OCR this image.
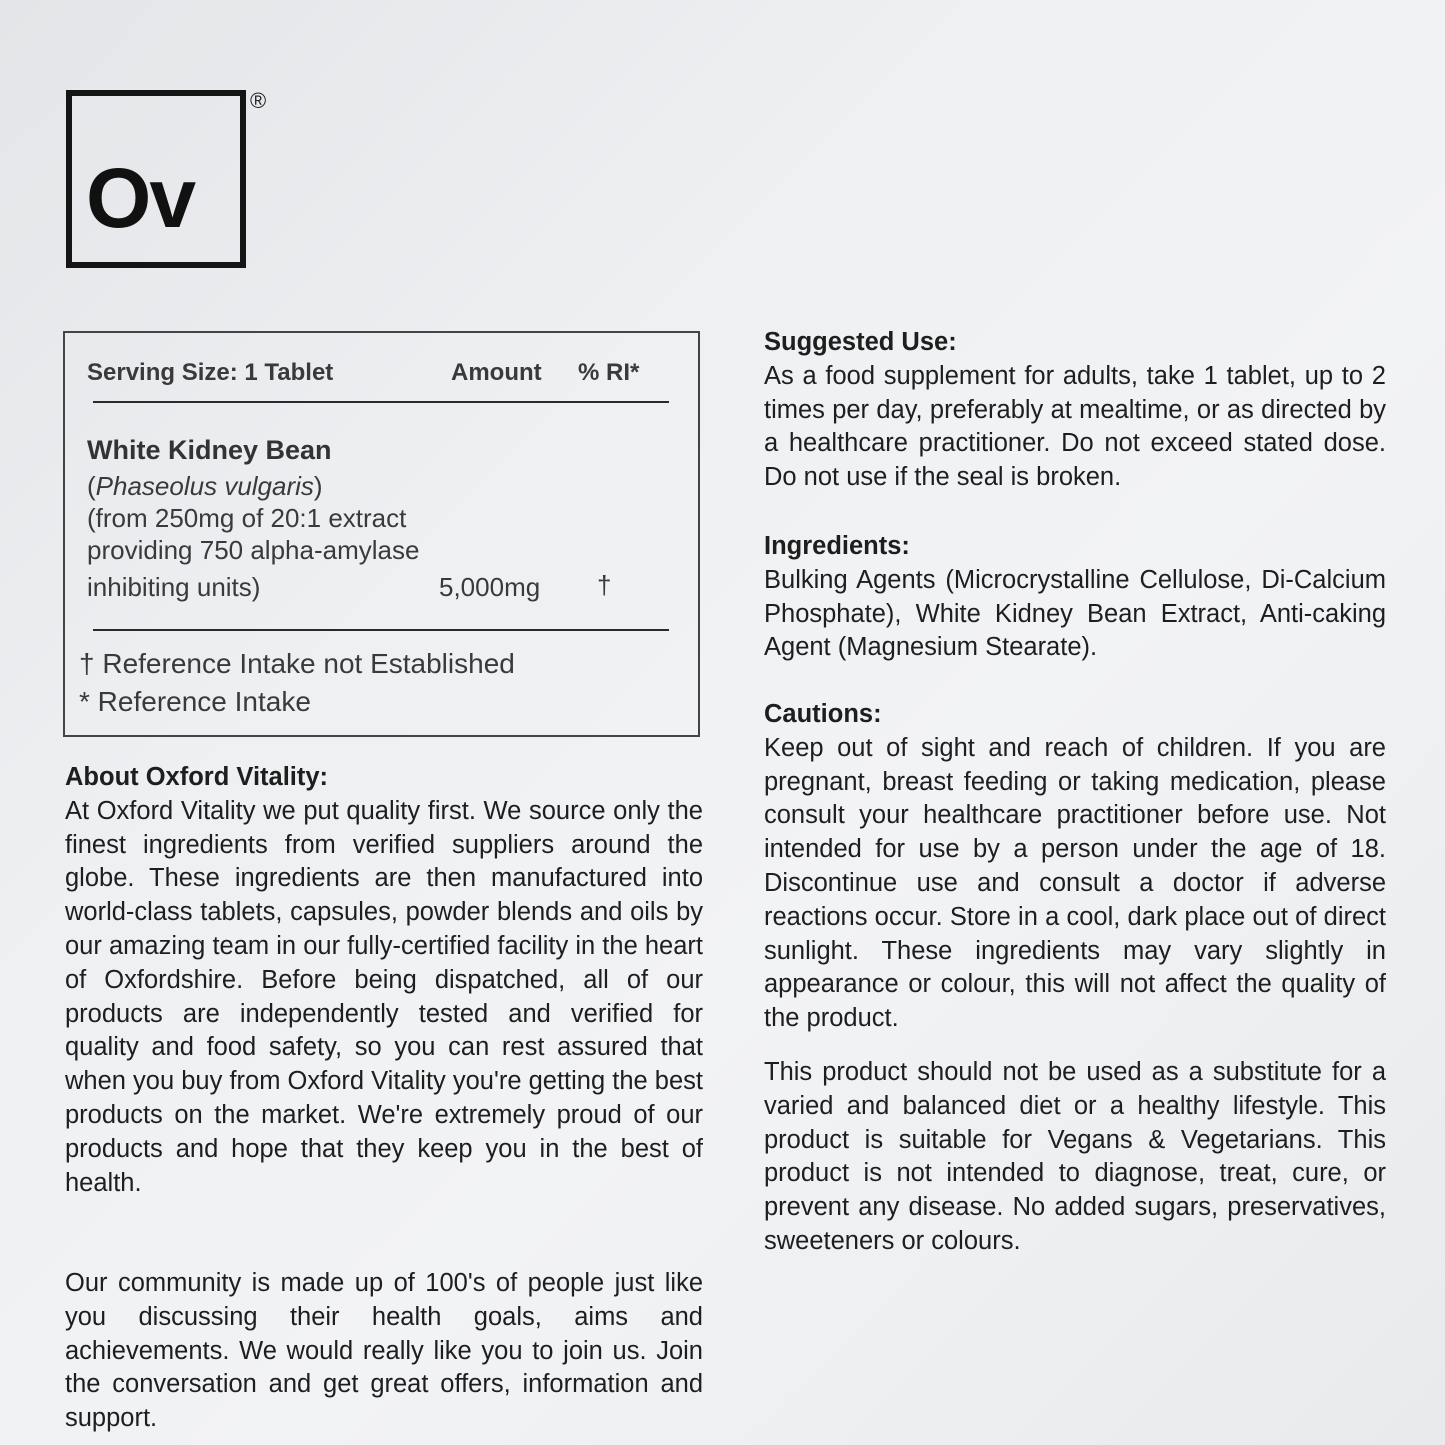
Ov
®
Serving Size: 1 Tablet	Amount % RI*
White Kidney Bean
(Phaseolus vulgaris)
(from 250mg of 20:1 extract
providing 750 alpha-amylase
inhibiting units)	5,000mg †
† Reference Intake not Established
* Reference Intake
About Oxford Vitality:
At Oxford Vitality we put quality first. We source only the finest ingredients from verified suppliers around the globe. These ingredients are then manufactured into world-class tablets, capsules, powder blends and oils by our amazing team in our fully-certified facility in the heart of Oxfordshire. Before being dispatched, all of our products are independently tested and verified for quality and food safety, so you can rest assured that when you buy from Oxford Vitality you're getting the best products on the market. We're extremely proud of our products and hope that they keep you in the best of health.
Our community is made up of 100's of people just like you discussing their health goals, aims and achievements. We would really like you to join us. Join the conversation and get great offers, information and support.
Suggested Use:
As a food supplement for adults, take 1 tablet, up to 2 times per day, preferably at mealtime, or as directed by a healthcare practitioner. Do not exceed stated dose. Do not use if the seal is broken.
Ingredients:
Bulking Agents (Microcrystalline Cellulose, Di-Calcium Phosphate), White Kidney Bean Extract, Anti-caking Agent (Magnesium Stearate).
Cautions:
Keep out of sight and reach of children. If you are pregnant, breast feeding or taking medication, please consult your healthcare practitioner before use. Not intended for use by a person under the age of 18. Discontinue use and consult a doctor if adverse reactions occur. Store in a cool, dark place out of direct sunlight. These ingredients may vary slightly in appearance or colour, this will not affect the quality of the product.
This product should not be used as a substitute for a varied and balanced diet or a healthy lifestyle. This product is suitable for Vegans & Vegetarians. This product is not intended to diagnose, treat, cure, or prevent any disease. No added sugars, preservatives, sweeteners or colours.
